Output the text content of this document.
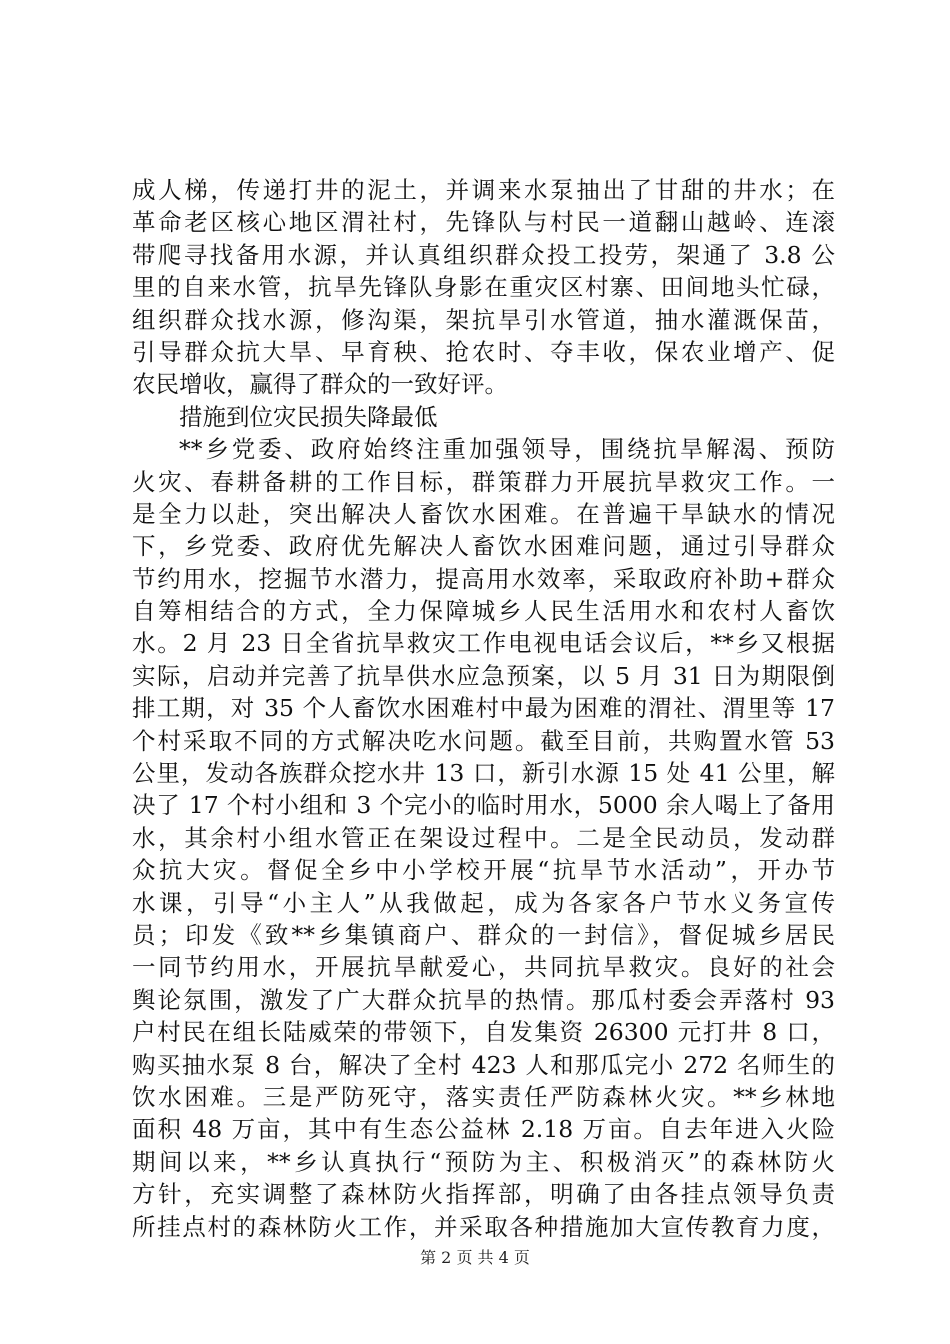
成人梯，传递打井的泥土，并调来水泵抽出了甘甜的井水；在
革命老区核心地区渭社村，先锋队与村民一道翻山越岭、连滚
带爬寻找备用水源，并认真组织群众投工投劳，架通了 3.8 公
里的自来水管，抗旱先锋队身影在重灾区村寨、田间地头忙碌，
组织群众找水源，修沟渠，架抗旱引水管道，抽水灌溉保苗，
引导群众抗大旱、早育秧、抢农时、夺丰收，保农业增产、促
农民增收，赢得了群众的一致好评。
措施到位灾民损失降最低
**乡党委、政府始终注重加强领导，围绕抗旱解渴、预防
火灾、春耕备耕的工作目标，群策群力开展抗旱救灾工作。一
是全力以赴，突出解决人畜饮水困难。在普遍干旱缺水的情况
下，乡党委、政府优先解决人畜饮水困难问题，通过引导群众
节约用水，挖掘节水潜力，提高用水效率，采取政府补助+群众
自筹相结合的方式，全力保障城乡人民生活用水和农村人畜饮
水。2 月 23 日全省抗旱救灾工作电视电话会议后，**乡又根据
实际，启动并完善了抗旱供水应急预案，以 5 月 31 日为期限倒
排工期，对 35 个人畜饮水困难村中最为困难的渭社、渭里等 17
个村采取不同的方式解决吃水问题。截至目前，共购置水管 53
公里，发动各族群众挖水井 13 口，新引水源 15 处 41 公里，解
决了 17 个村小组和 3 个完小的临时用水，5000 余人喝上了备用
水，其余村小组水管正在架设过程中。二是全民动员，发动群
众抗大灾。督促全乡中小学校开展“抗旱节水活动”，开办节
水课，引导“小主人”从我做起，成为各家各户节水义务宣传
员；印发《致**乡集镇商户、群众的一封信》，督促城乡居民
一同节约用水，开展抗旱献爱心，共同抗旱救灾。良好的社会
舆论氛围，激发了广大群众抗旱的热情。那瓜村委会弄落村 93
户村民在组长陆威荣的带领下，自发集资 26300 元打井 8 口，
购买抽水泵 8 台，解决了全村 423 人和那瓜完小 272 名师生的
饮水困难。三是严防死守，落实责任严防森林火灾。**乡林地
面积 48 万亩，其中有生态公益林 2.18 万亩。自去年进入火险
期间以来，**乡认真执行“预防为主、积极消灭”的森林防火
方针，充实调整了森林防火指挥部，明确了由各挂点领导负责
所挂点村的森林防火工作，并采取各种措施加大宣传教育力度，
第 2 页 共 4 页
